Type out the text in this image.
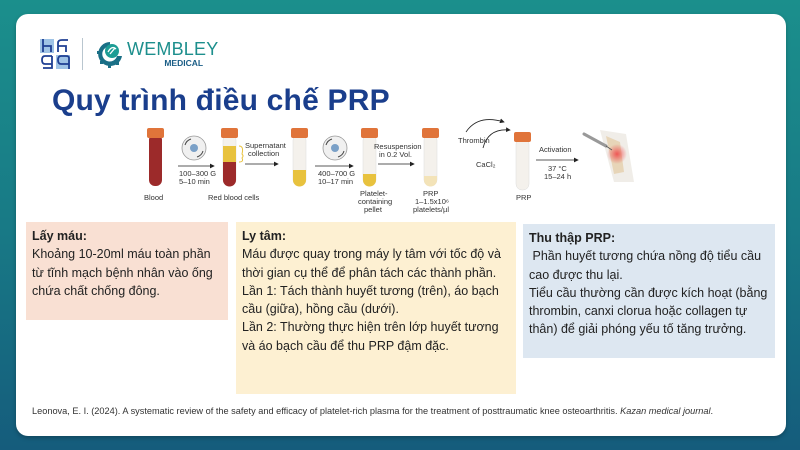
WEMBLEY
MEDICAL
Quy trình điều chế PRP
Blood
100–300 G
5–10 min
Red blood cells
Supernatant
collection
400–700 G
10–17 min
Platelet-
containing
pellet
Resuspension
in 0.2 Vol.
PRP
1–1.5x10⁶
platelets/µl
Thrombin
CaCl₂
PRP
Activation
37 °C
15–24 h
Lấy máu:

Khoảng 10-20ml máu toàn phần từ tĩnh mạch bệnh nhân vào ống chứa chất chống đông.

Ly tâm:

Máu được quay trong máy ly tâm với tốc độ và thời gian cụ thể để phân tách các thành phần.

Lần 1: Tách thành huyết tương (trên), áo bạch cầu (giữa), hồng cầu (dưới).

Lần 2: Thường thực hiện trên lớp huyết tương và áo bạch cầu để thu PRP đậm đặc.

Thu thập PRP:

Phần huyết tương chứa nồng độ tiểu cầu cao được thu lại.

Tiểu cầu thường cần được kích hoạt (bằng thrombin, canxi clorua hoặc collagen tự thân) để giải phóng yếu tố tăng trưởng.

Leonova, E. I. (2024). A systematic review of the safety and efficacy of platelet-rich plasma for the treatment of posttraumatic knee osteoarthritis. Kazan medical journal.
